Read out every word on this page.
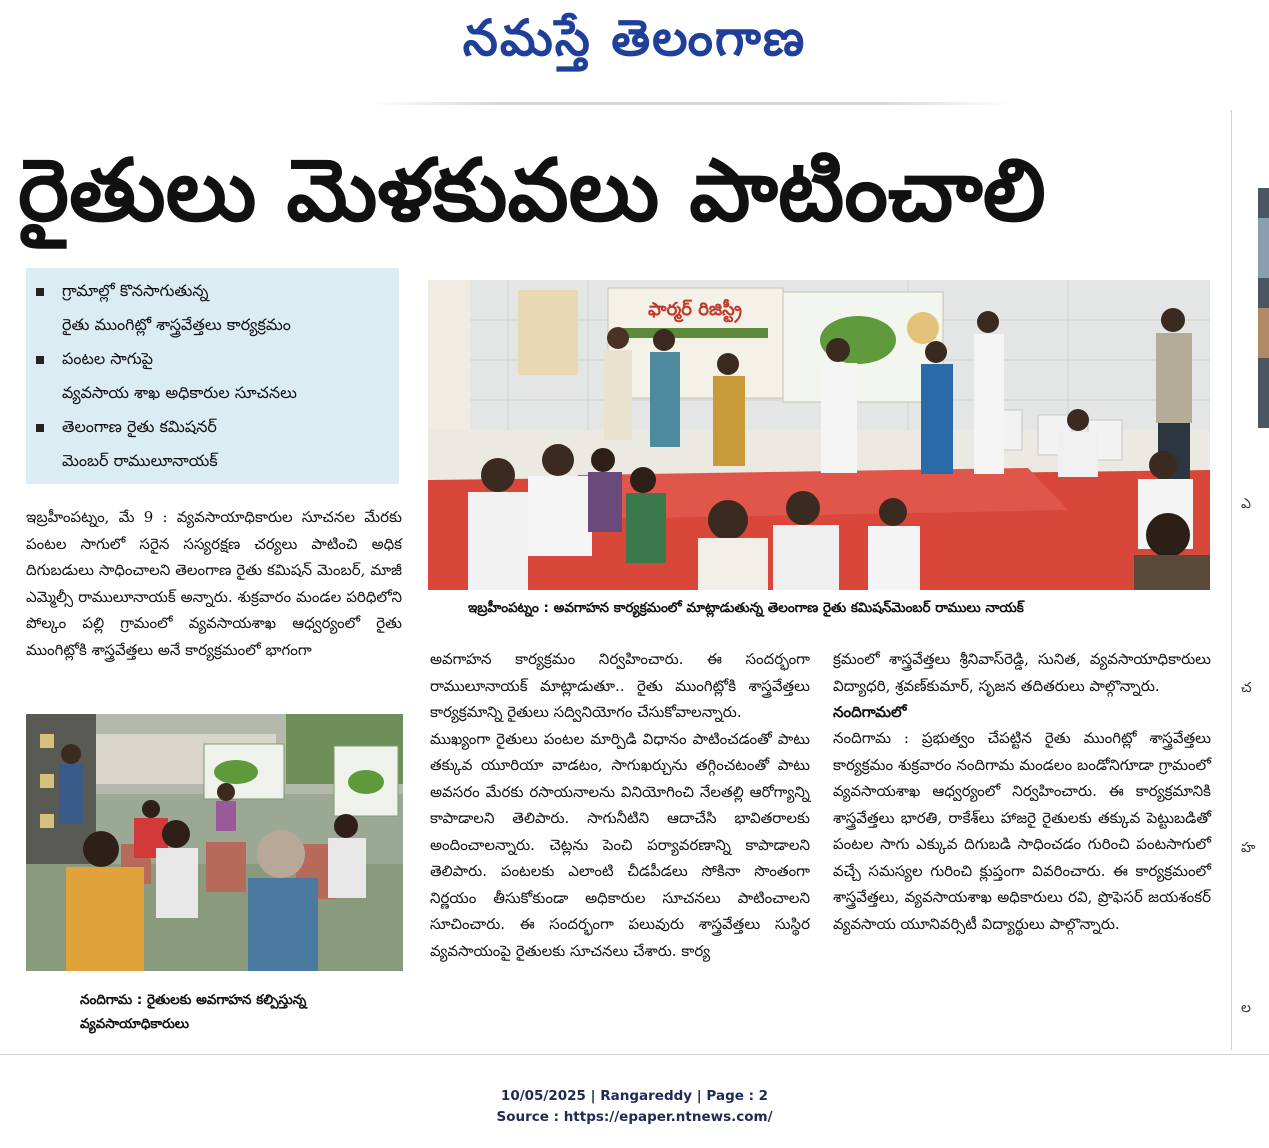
నమస్తే తెలంగాణ
ఎ
చ
హ
ల
రైతులు మెళకువలు పాటించాలి
గ్రామాల్లో కొనసాగుతున్న
రైతు ముంగిట్లో శాస్త్రవేత్తలు కార్యక్రమం
పంటల సాగుపై
వ్యవసాయ శాఖ అధికారుల సూచనలు
తెలంగాణ రైతు కమిషనర్
మెంబర్ రాములూనాయక్

ఇబ్రహీంపట్నం, మే 9 : వ్యవసాయాధికారుల సూచనల మేరకు పంటల సాగులో సరైన సస్యరక్షణ చర్యలు పాటించి అధిక దిగుబడులు సాధించాలని తెలంగాణ రైతు కమిషన్ మెంబర్, మాజీ ఎమ్మెల్సీ రాములూనాయక్ అన్నారు. శుక్రవారం మండల పరిధిలోని పోల్కం పల్లి గ్రామంలో వ్యవసాయశాఖ ఆధ్వర్యంలో రైతు ముంగిట్లోకి శాస్త్రవేత్తలు అనే కార్యక్రమంలో భాగంగా

ఫార్మర్ రిజిస్ట్రీ
ఇబ్రహీంపట్నం : అవగాహన కార్యక్రమంలో మాట్లాడుతున్న తెలంగాణ రైతు కమిషన్‌మెంబర్ రాములు నాయక్
నందిగామ : రైతులకు అవగాహన కల్పిస్తున్న
వ్యవసాయాధికారులు

అవగాహన కార్యక్రమం నిర్వహించారు. ఈ సందర్భంగా రాములూనాయక్ మాట్లాడుతూ.. రైతు ముంగిట్లోకి శాస్త్రవేత్తలు కార్యక్రమాన్ని రైతులు సద్వినియోగం చేసుకోవాలన్నారు.

ముఖ్యంగా రైతులు పంటల మార్పిడి విధానం పాటించడంతో పాటు తక్కువ యూరియా వాడటం, సాగుఖర్చును తగ్గించటంతో పాటు అవసరం మేరకు రసాయనాలను వినియోగించి నేలతల్లి ఆరోగ్యాన్ని కాపాడాలని తెలిపారు. సాగునీటిని ఆదాచేసి భావితరాలకు అందించాలన్నారు. చెట్లను పెంచి పర్యావరణాన్ని కాపాడాలని తెలిపారు. పంటలకు ఎలాంటి చీడపీడలు సోకినా సొంతంగా నిర్ణయం తీసుకోకుండా అధికారుల సూచనలు పాటించాలని సూచించారు. ఈ సందర్భంగా పలువురు శాస్త్రవేత్తలు సుస్థిర వ్యవసాయంపై రైతులకు సూచనలు చేశారు. కార్య

క్రమంలో శాస్త్రవేత్తలు శ్రీనివాస్‌రెడ్డి, సునిత, వ్యవసాయాధికారులు విద్యాధరి, శ్రవణ్‌కుమార్, సృజన తదితరులు పాల్గొన్నారు.

నందిగామలో

నందిగామ : ప్రభుత్వం చేపట్టిన రైతు ముంగిట్లో శాస్త్రవేత్తలు కార్యక్రమం శుక్రవారం నందిగామ మండలం బండోనిగూడా గ్రామంలో వ్యవసాయశాఖ ఆధ్వర్యంలో నిర్వహించారు. ఈ కార్యక్రమానికి శాస్త్రవేత్తలు భారతి, రాకేశ్‌లు హాజరై రైతులకు తక్కువ పెట్టుబడితో పంటల సాగు ఎక్కువ దిగుబడి సాధించడం గురించి పంటసాగులో వచ్చే సమస్యల గురించి క్లుప్తంగా వివరించారు. ఈ కార్యక్రమంలో శాస్త్రవేత్తలు, వ్యవసాయశాఖ అధికారులు రవి, ప్రొఫెసర్ జయశంకర్ వ్యవసాయ యూనివర్సిటీ విద్యార్థులు పాల్గొన్నారు.

10/05/2025 | Rangareddy | Page : 2
Source : https://epaper.ntnews.com/
